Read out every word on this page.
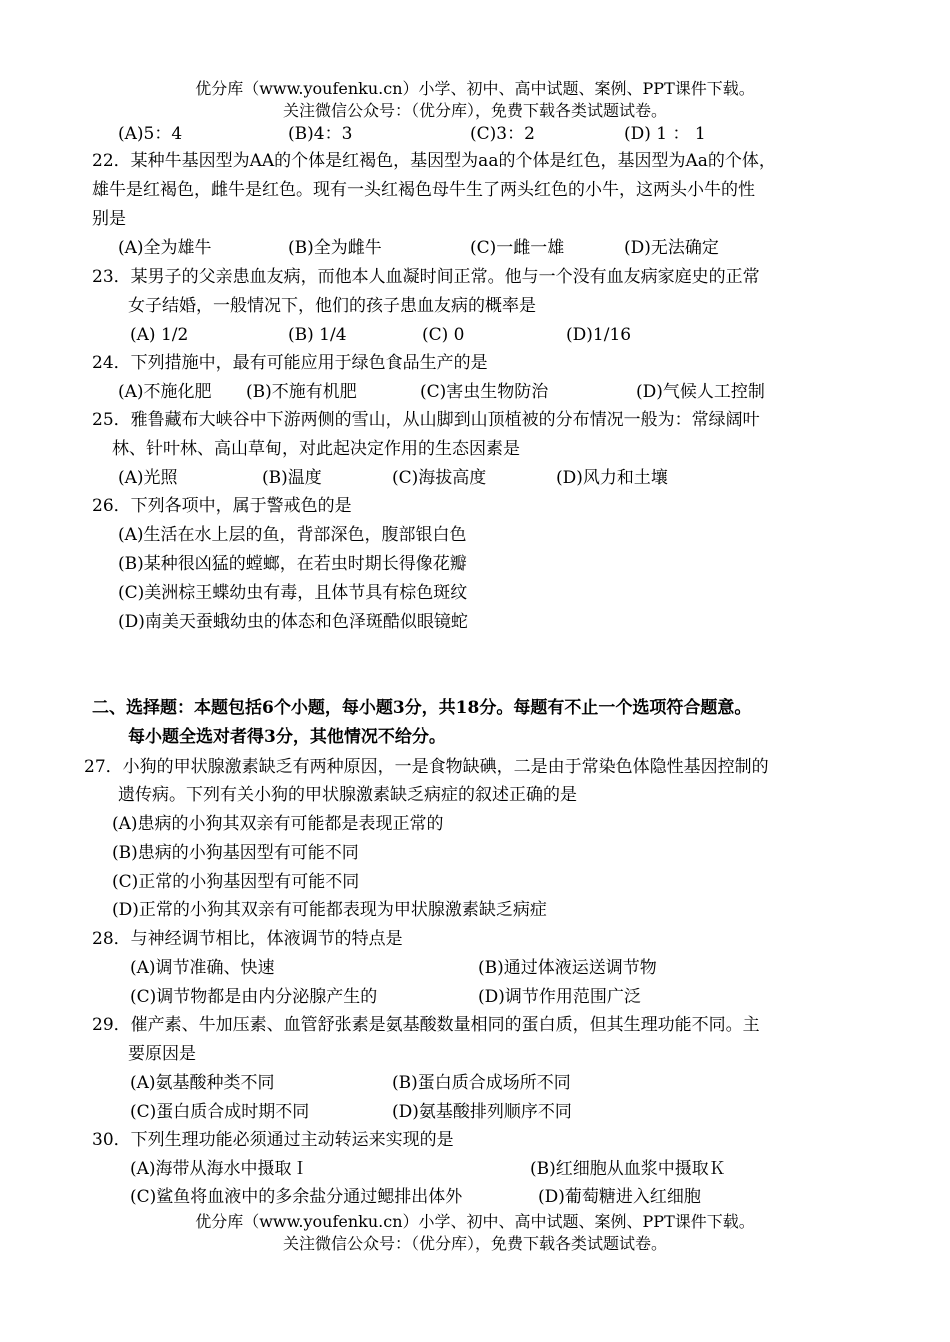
优分库（www.youfenku.cn）小学、初中、高中试题、案例、PPT课件下载。
关注微信公众号：（优分库），免费下载各类试题试卷。
(A)5：4	(B)4：3	(C)3：2	(D) 1 ： 1
22．某种牛基因型为AA的个体是红褐色，基因型为aa的个体是红色，基因型为Aa的个体，
雄牛是红褐色，雌牛是红色。现有一头红褐色母牛生了两头红色的小牛，这两头小牛的性
别是
(A)全为雄牛	(B)全为雌牛	(C)一雌一雄	(D)无法确定
23．某男子的父亲患血友病，而他本人血凝时间正常。他与一个没有血友病家庭史的正常
女子结婚，一般情况下，他们的孩子患血友病的概率是
(A) 1/2	(B) 1/4	(C) 0	(D)1/16
24．下列措施中，最有可能应用于绿色食品生产的是
(A)不施化肥 (B)不施有机肥	(C)害虫生物防治	(D)气候人工控制
25．雅鲁藏布大峡谷中下游两侧的雪山，从山脚到山顶植被的分布情况一般为：常绿阔叶
林、针叶林、高山草甸，对此起决定作用的生态因素是
(A)光照	(B)温度	(C)海拔高度	(D)风力和土壤
26．下列各项中，属于警戒色的是
(A)生活在水上层的鱼，背部深色，腹部银白色
(B)某种很凶猛的螳螂，在若虫时期长得像花瓣
(C)美洲棕王蝶幼虫有毒，且体节具有棕色斑纹
(D)南美天蚕蛾幼虫的体态和色泽斑酷似眼镜蛇
二、选择题：本题包括6个小题，每小题3分，共18分。每题有不止一个选项符合题意。
每小题全选对者得3分，其他情况不给分。
27．小狗的甲状腺激素缺乏有两种原因，一是食物缺碘，二是由于常染色体隐性基因控制的
遗传病。下列有关小狗的甲状腺激素缺乏病症的叙述正确的是
(A)患病的小狗其双亲有可能都是表现正常的
(B)患病的小狗基因型有可能不同
(C)正常的小狗基因型有可能不同
(D)正常的小狗其双亲有可能都表现为甲状腺激素缺乏病症
28．与神经调节相比，体液调节的特点是
(A)调节准确、快速	(B)通过体液运送调节物
(C)调节物都是由内分泌腺产生的	(D)调节作用范围广泛
29．催产素、牛加压素、血管舒张素是氨基酸数量相同的蛋白质，但其生理功能不同。主
要原因是
(A)氨基酸种类不同	(B)蛋白质合成场所不同
(C)蛋白质合成时期不同	(D)氨基酸排列顺序不同
30．下列生理功能必须通过主动转运来实现的是
(A)海带从海水中摄取Ｉ	(B)红细胞从血浆中摄取Ｋ
(C)鲨鱼将血液中的多余盐分通过鳃排出体外	(D)葡萄糖进入红细胞
优分库（www.youfenku.cn）小学、初中、高中试题、案例、PPT课件下载。
关注微信公众号：（优分库），免费下载各类试题试卷。
